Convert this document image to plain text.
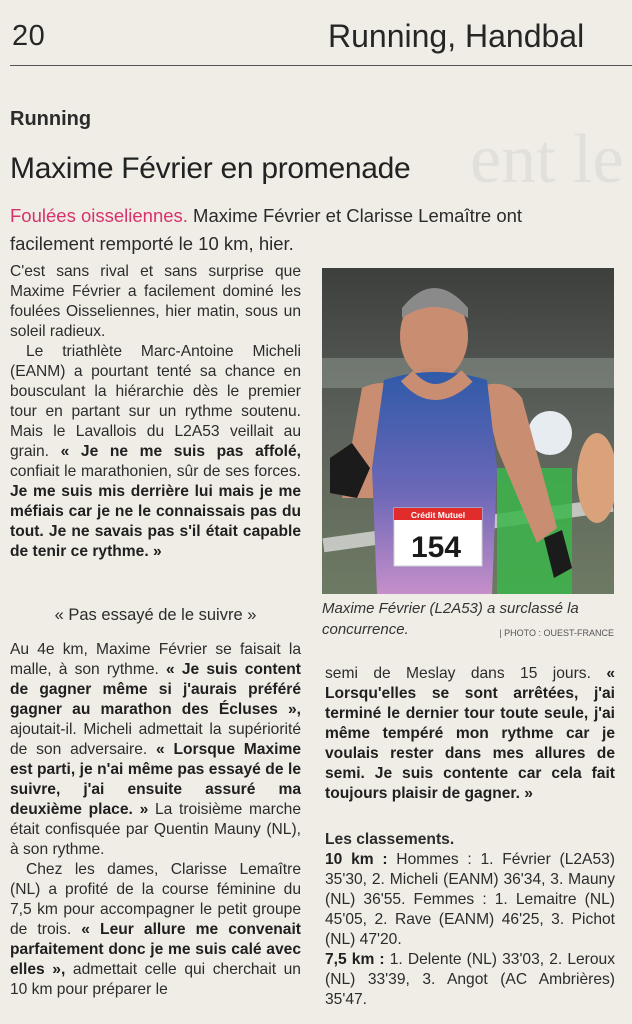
20	Running, Handbal
ent le
Running
Maxime Février en promenade
Foulées oisseliennes. Maxime Février et Clarisse Lemaître ont facilement remporté le 10 km, hier.

C'est sans rival et sans surprise que Maxime Février a facilement dominé les foulées Oisseliennes, hier matin, sous un soleil radieux.

Le triathlète Marc-Antoine Micheli (EANM) a pourtant tenté sa chance en bousculant la hiérarchie dès le premier tour en partant sur un rythme soutenu. Mais le Lavallois du L2A53 veillait au grain. « Je ne me suis pas affolé, confiait le marathonien, sûr de ses forces. Je me suis mis derrière lui mais je me méfiais car je ne le connaissais pas du tout. Je ne savais pas s'il était capable de tenir ce rythme. »

« Pas essayé de le suivre »

Au 4e km, Maxime Février se faisait la malle, à son rythme. « Je suis content de gagner même si j'aurais préféré gagner au marathon des Écluses », ajoutait-il. Micheli admettait la supériorité de son adversaire. « Lorsque Maxime est parti, je n'ai même pas essayé de le suivre, j'ai ensuite assuré ma deuxième place. » La troisième marche était confisquée par Quentin Mauny (NL), à son rythme.

Chez les dames, Clarisse Lemaître (NL) a profité de la course féminine du 7,5 km pour accompagner le petit groupe de trois. « Leur allure me convenait parfaitement donc je me suis calé avec elles », admettait celle qui cherchait un 10 km pour préparer le

Crédit Mutuel
154
Maxime Février (L2A53) a surclassé la concurrence.	| PHOTO : OUEST-FRANCE

semi de Meslay dans 15 jours. « Lorsqu'elles se sont arrêtées, j'ai terminé le dernier tour toute seule, j'ai même tempéré mon rythme car je voulais rester dans mes allures de semi. Je suis contente car cela fait toujours plaisir de gagner. »

Les classements.

10 km : Hommes : 1. Février (L2A53) 35'30, 2. Micheli (EANM) 36'34, 3. Mauny (NL) 36'55. Femmes : 1. Lemaitre (NL) 45'05, 2. Rave (EANM) 46'25, 3. Pichot (NL) 47'20.

7,5 km : 1. Delente (NL) 33'03, 2. Leroux (NL) 33'39, 3. Angot (AC Ambrières) 35'47.
